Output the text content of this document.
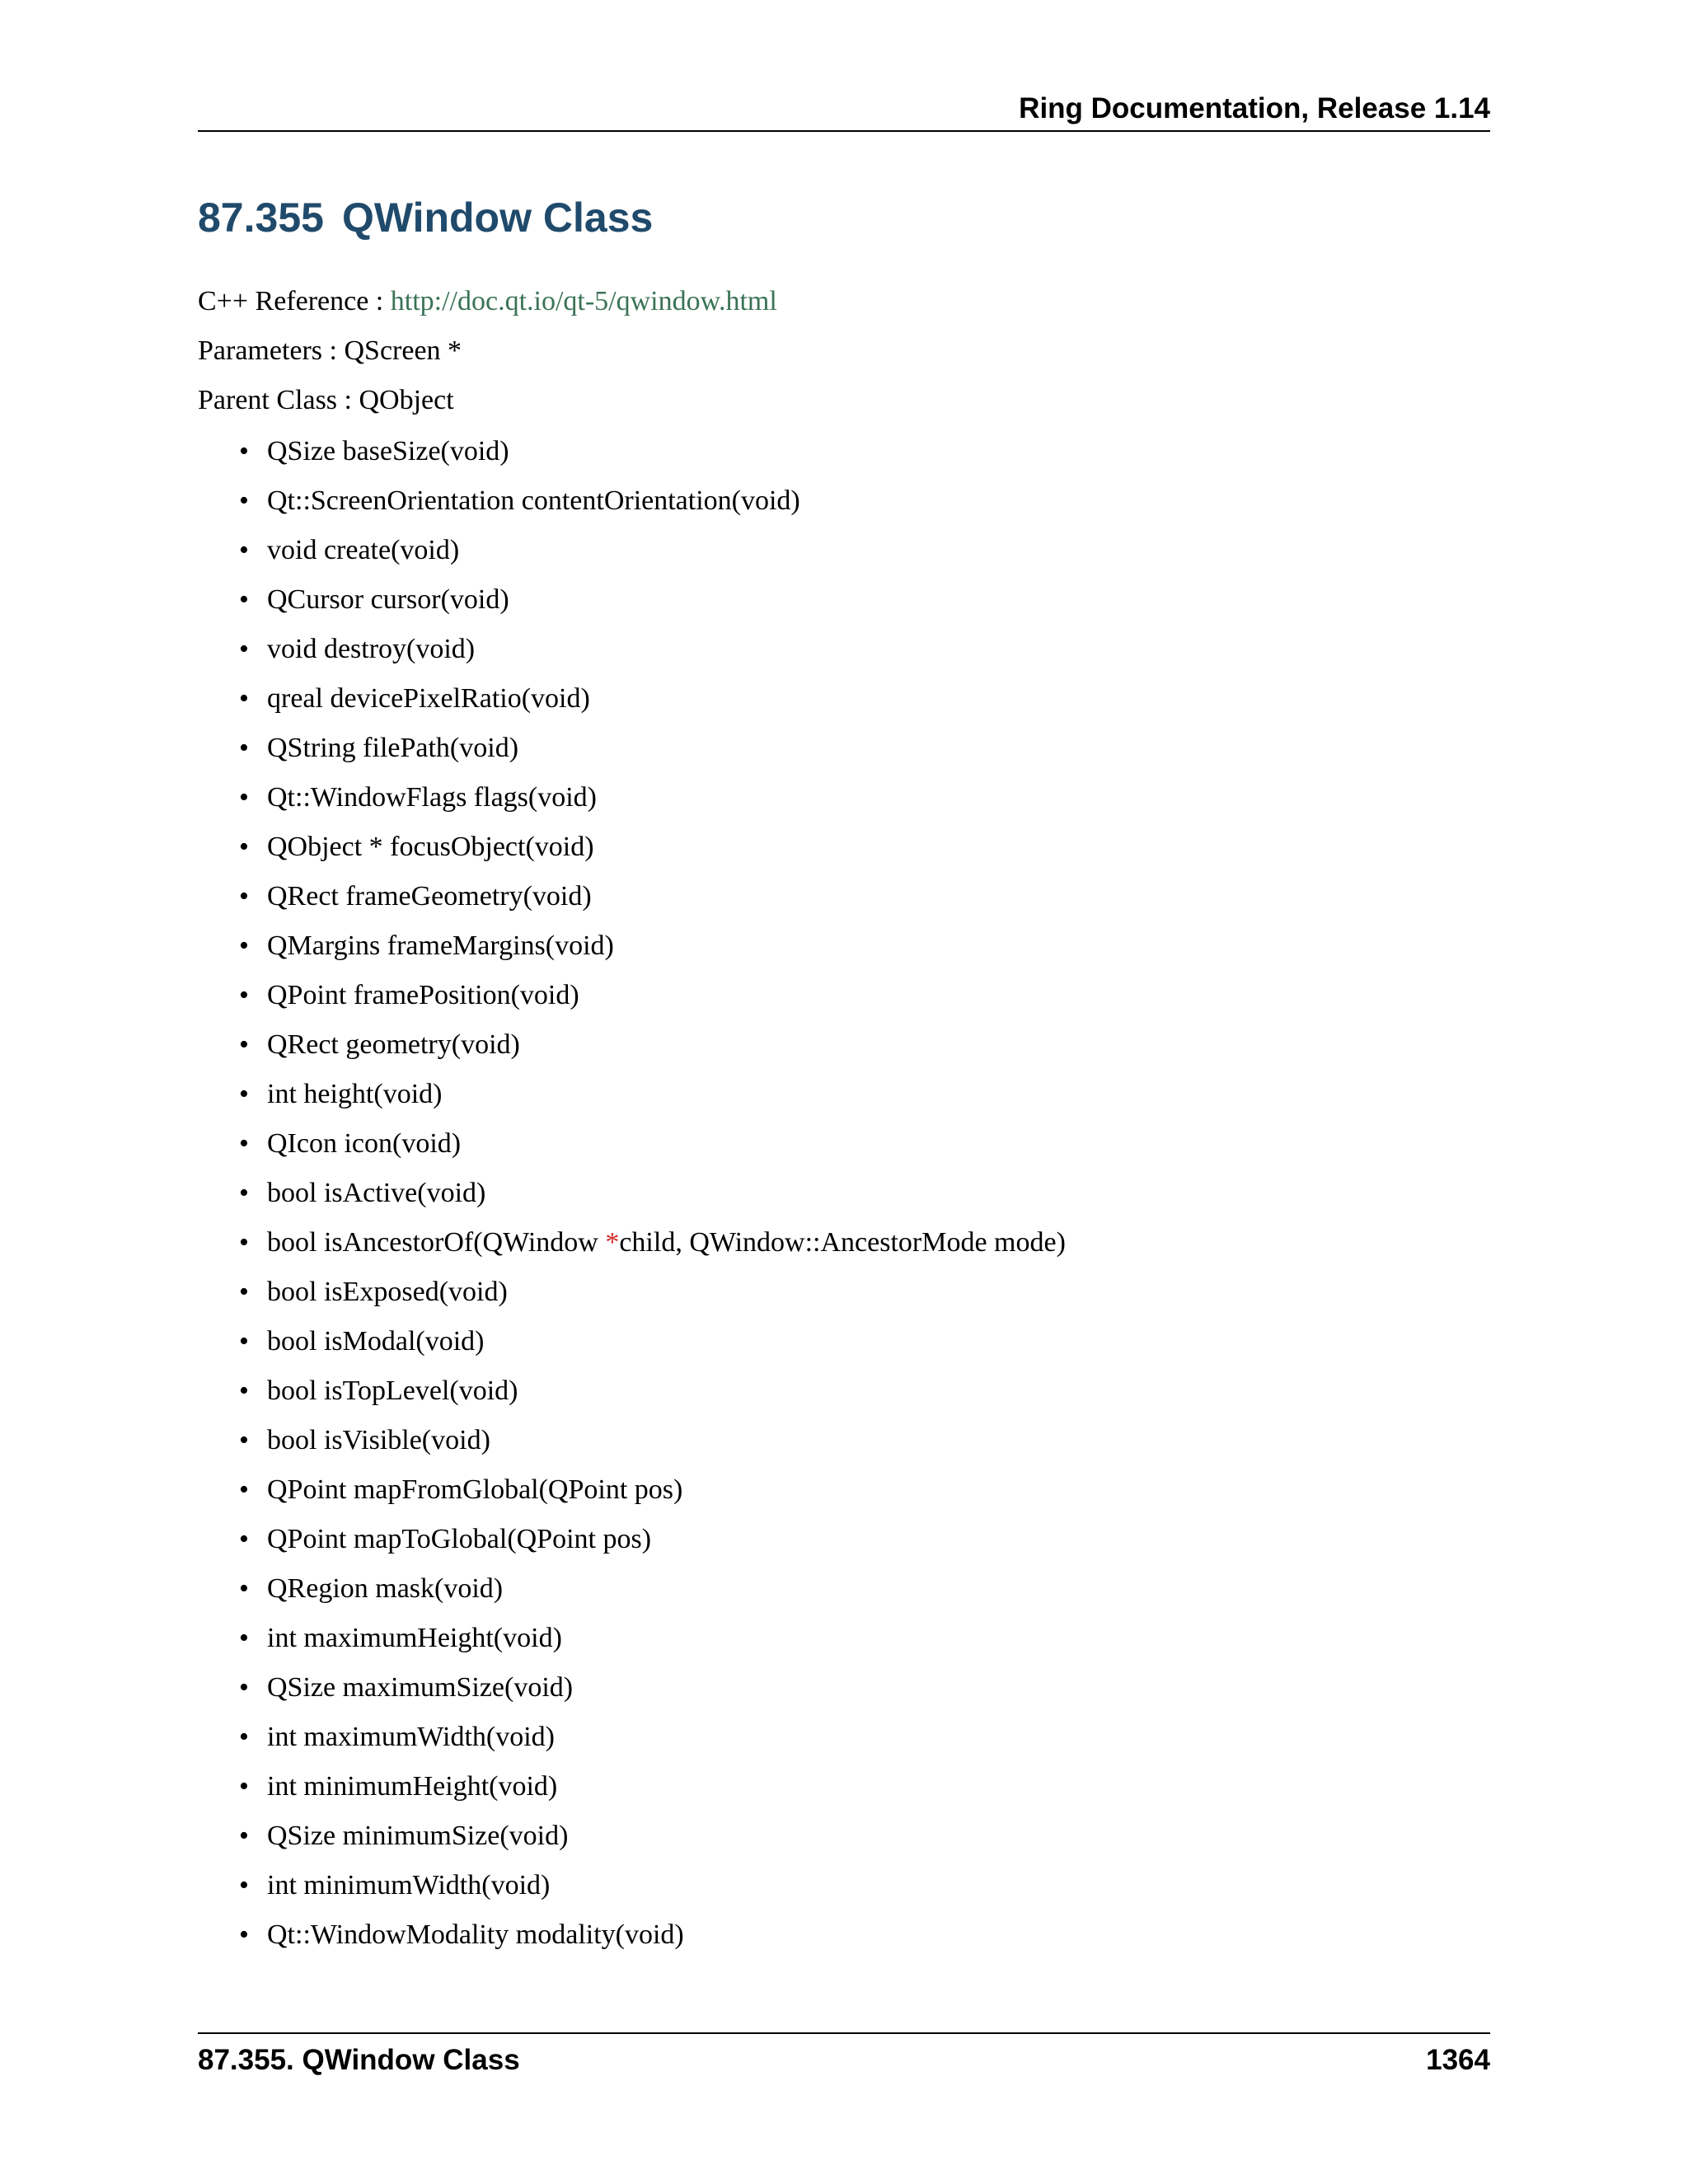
Ring Documentation, Release 1.14
87.355 QWindow Class

C++ Reference : http://doc.qt.io/qt-5/qwindow.html

Parameters : QScreen *

Parent Class : QObject

• QSize baseSize(void)
• Qt::ScreenOrientation contentOrientation(void)
• void create(void)
• QCursor cursor(void)
• void destroy(void)
• qreal devicePixelRatio(void)
• QString filePath(void)
• Qt::WindowFlags flags(void)
• QObject * focusObject(void)
• QRect frameGeometry(void)
• QMargins frameMargins(void)
• QPoint framePosition(void)
• QRect geometry(void)
• int height(void)
• QIcon icon(void)
• bool isActive(void)
• bool isAncestorOf(QWindow *child, QWindow::AncestorMode mode)
• bool isExposed(void)
• bool isModal(void)
• bool isTopLevel(void)
• bool isVisible(void)
• QPoint mapFromGlobal(QPoint pos)
• QPoint mapToGlobal(QPoint pos)
• QRegion mask(void)
• int maximumHeight(void)
• QSize maximumSize(void)
• int maximumWidth(void)
• int minimumHeight(void)
• QSize minimumSize(void)
• int minimumWidth(void)
• Qt::WindowModality modality(void)
87.355. QWindow Class	1364
